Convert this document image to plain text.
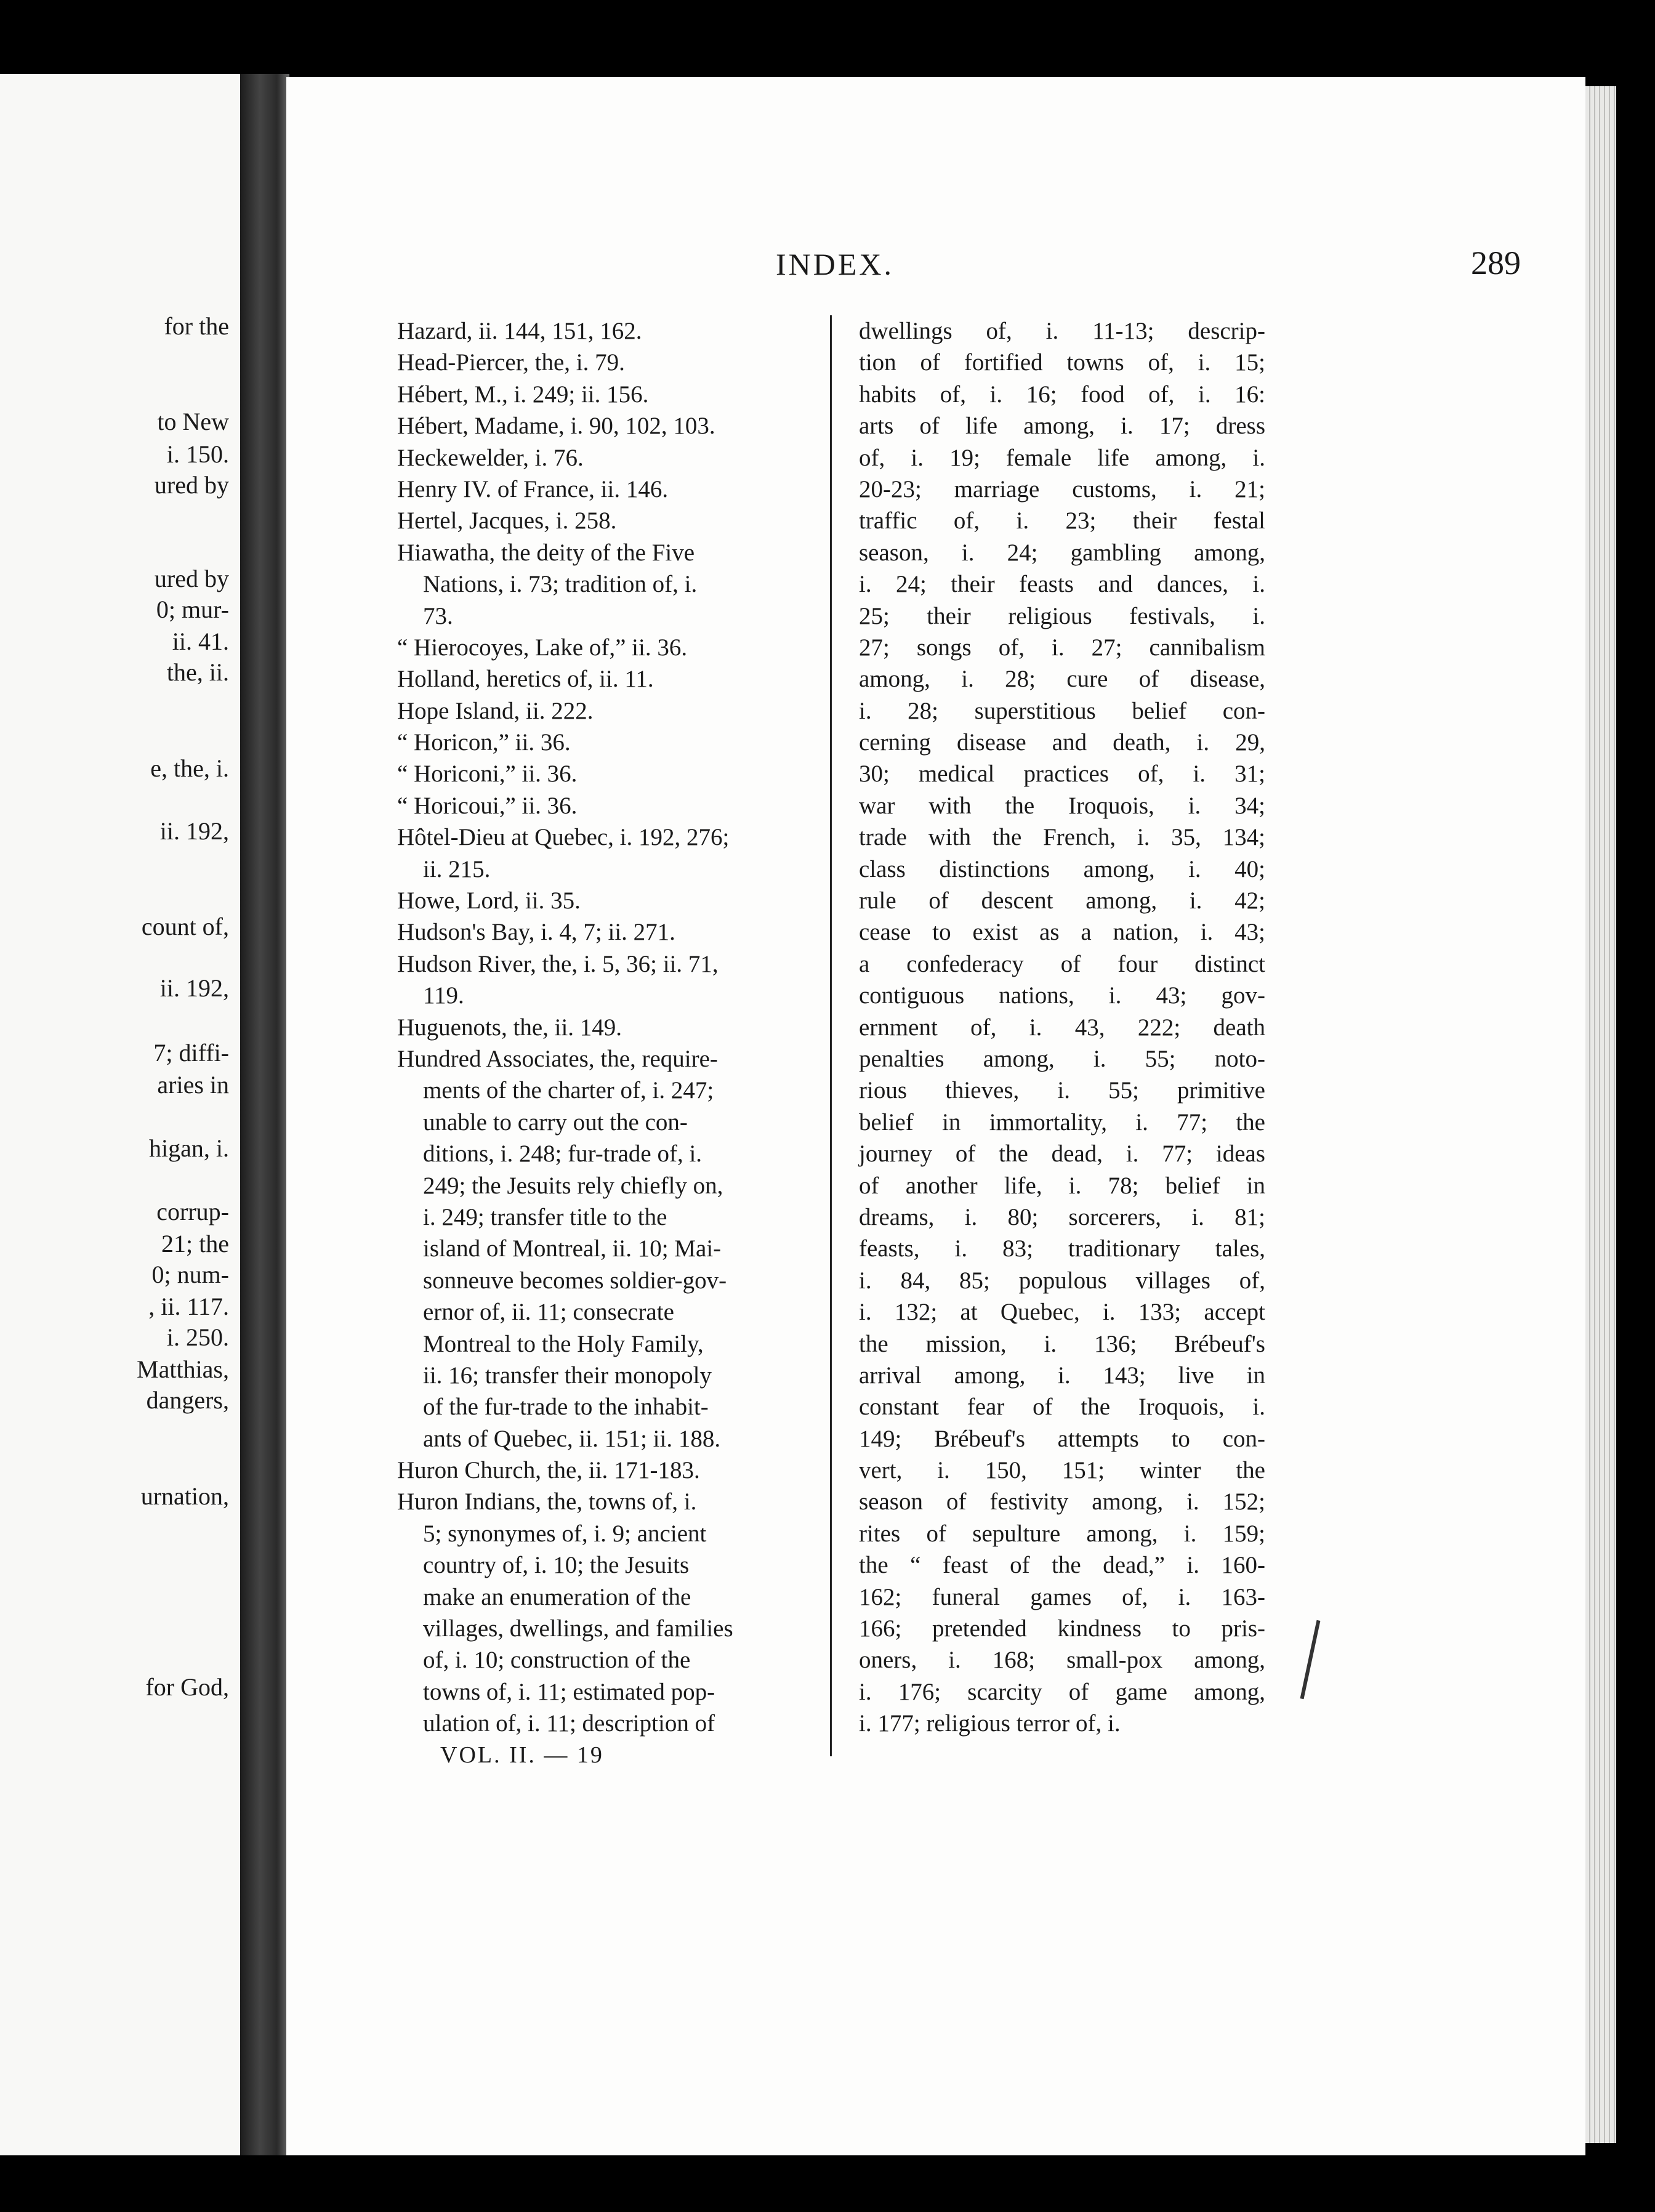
for the
to New
i. 150.
ured by
ured by
0; mur-
ii. 41.
the, ii.
e, the, i.
ii. 192,
count of,
ii. 192,
7; diffi-
aries in
higan, i.
corrup-
21; the
0; num-
, ii. 117.
i. 250.
Matthias,
dangers,
urnation,
for God,
INDEX.	289
Hazard, ii. 144, 151, 162.
Head-Piercer, the, i. 79.
Hébert, M., i. 249; ii. 156.
Hébert, Madame, i. 90, 102, 103.
Heckewelder, i. 76.
Henry IV. of France, ii. 146.
Hertel, Jacques, i. 258.
Hiawatha, the deity of the Five
Nations, i. 73; tradition of, i.
73.
“ Hierocoyes, Lake of,” ii. 36.
Holland, heretics of, ii. 11.
Hope Island, ii. 222.
“ Horicon,” ii. 36.
“ Horiconi,” ii. 36.
“ Horicoui,” ii. 36.
Hôtel-Dieu at Quebec, i. 192, 276;
ii. 215.
Howe, Lord, ii. 35.
Hudson's Bay, i. 4, 7; ii. 271.
Hudson River, the, i. 5, 36; ii. 71,
119.
Huguenots, the, ii. 149.
Hundred Associates, the, require-
ments of the charter of, i. 247;
unable to carry out the con-
ditions, i. 248; fur-trade of, i.
249; the Jesuits rely chiefly on,
i. 249; transfer title to the
island of Montreal, ii. 10; Mai-
sonneuve becomes soldier-gov-
ernor of, ii. 11; consecrate
Montreal to the Holy Family,
ii. 16; transfer their monopoly
of the fur-trade to the inhabit-
ants of Quebec, ii. 151; ii. 188.
Huron Church, the, ii. 171-183.
Huron Indians, the, towns of, i.
5; synonymes of, i. 9; ancient
country of, i. 10; the Jesuits
make an enumeration of the
villages, dwellings, and families
of, i. 10; construction of the
towns of, i. 11; estimated pop-
ulation of, i. 11; description of
dwellings of, i. 11-13; descrip-
tion of fortified towns of, i. 15;
habits of, i. 16; food of, i. 16:
arts of life among, i. 17; dress
of, i. 19; female life among, i.
20-23; marriage customs, i. 21;
traffic of, i. 23; their festal
season, i. 24; gambling among,
i. 24; their feasts and dances, i.
25; their religious festivals, i.
27; songs of, i. 27; cannibalism
among, i. 28; cure of disease,
i. 28; superstitious belief con-
cerning disease and death, i. 29,
30; medical practices of, i. 31;
war with the Iroquois, i. 34;
trade with the French, i. 35, 134;
class distinctions among, i. 40;
rule of descent among, i. 42;
cease to exist as a nation, i. 43;
a confederacy of four distinct
contiguous nations, i. 43; gov-
ernment of, i. 43, 222; death
penalties among, i. 55; noto-
rious thieves, i. 55; primitive
belief in immortality, i. 77; the
journey of the dead, i. 77; ideas
of another life, i. 78; belief in
dreams, i. 80; sorcerers, i. 81;
feasts, i. 83; traditionary tales,
i. 84, 85; populous villages of,
i. 132; at Quebec, i. 133; accept
the mission, i. 136; Brébeuf's
arrival among, i. 143; live in
constant fear of the Iroquois, i.
149; Brébeuf's attempts to con-
vert, i. 150, 151; winter the
season of festivity among, i. 152;
rites of sepulture among, i. 159;
the “ feast of the dead,” i. 160-
162; funeral games of, i. 163-
166; pretended kindness to pris-
oners, i. 168; small-pox among,
i. 176; scarcity of game among,
i. 177; religious terror of, i.
VOL. II. — 19
